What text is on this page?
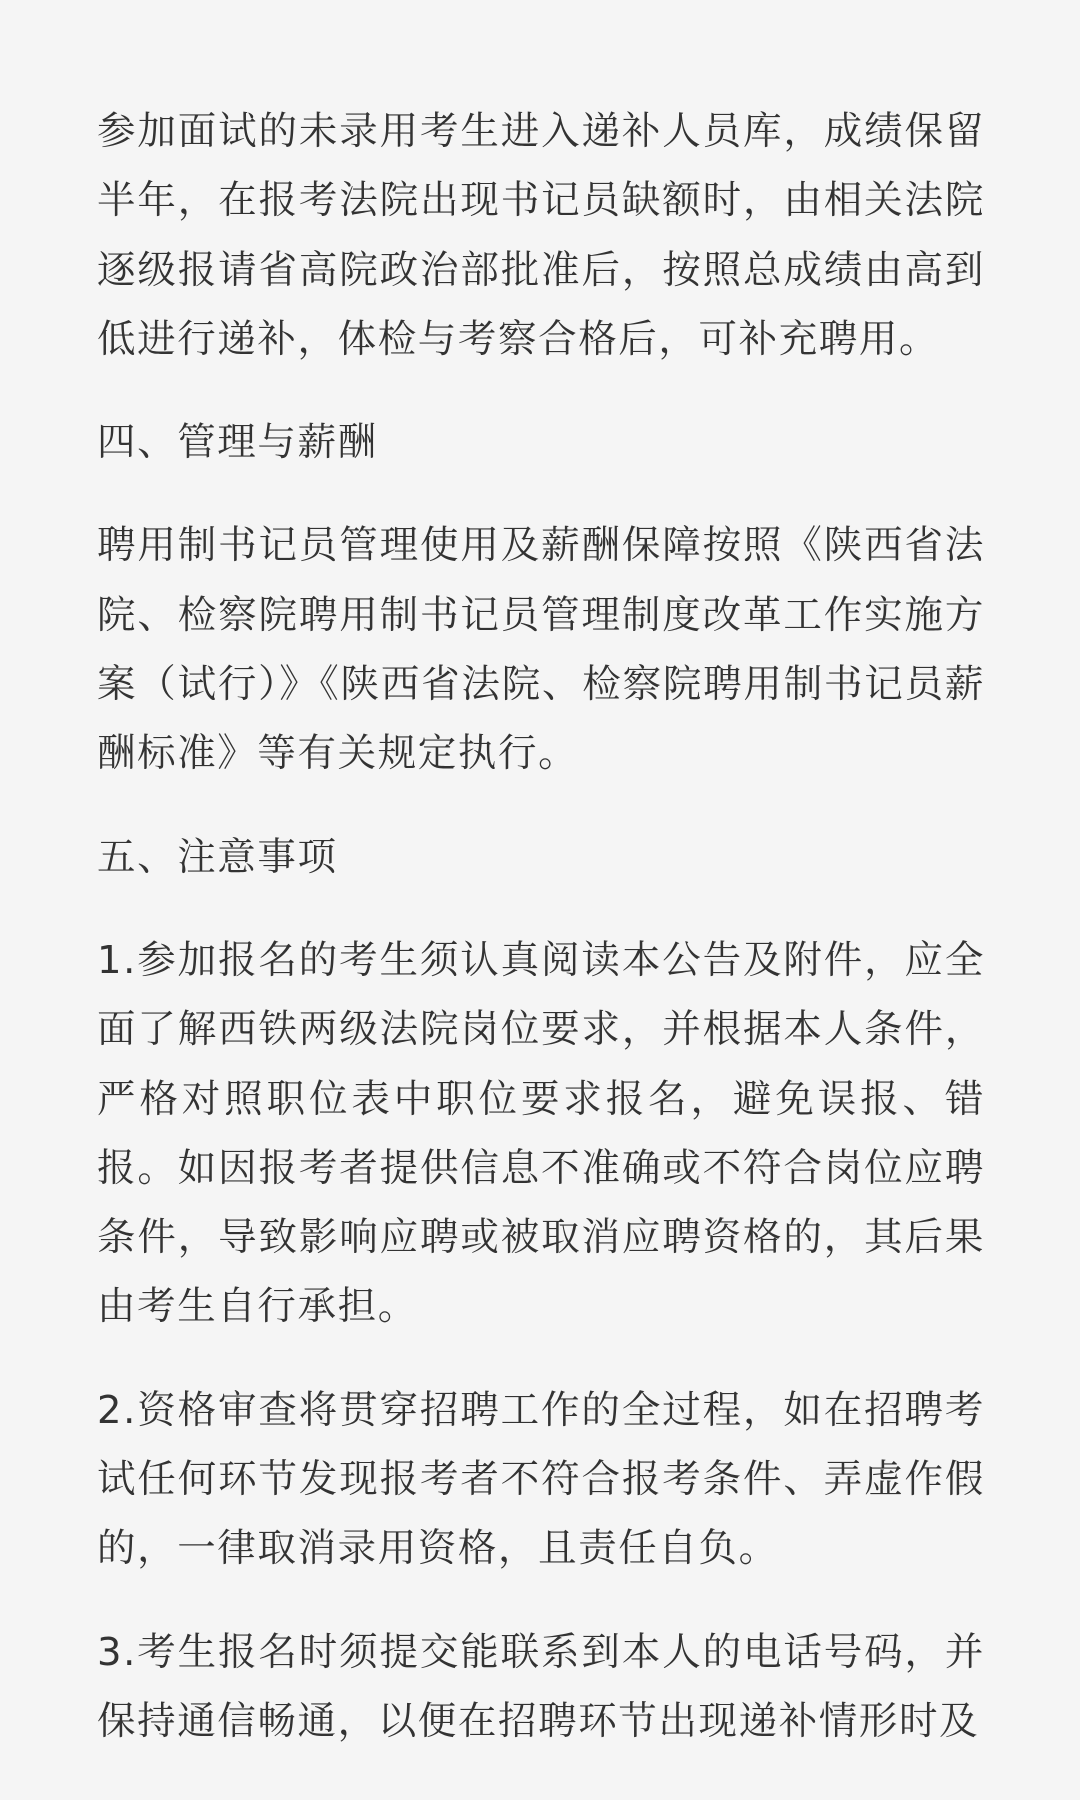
参加面试的未录用考生进入递补人员库，成绩保留半年，在报考法院出现书记员缺额时，由相关法院逐级报请省高院政治部批准后，按照总成绩由高到低进行递补，体检与考察合格后，可补充聘用。

四、管理与薪酬

聘用制书记员管理使用及薪酬保障按照《陕西省法院、检察院聘用制书记员管理制度改革工作实施方案（试行）》《陕西省法院、检察院聘用制书记员薪酬标准》等有关规定执行。

五、注意事项

1.参加报名的考生须认真阅读本公告及附件，应全面了解西铁两级法院岗位要求，并根据本人条件，严格对照职位表中职位要求报名，避免误报、错报。如因报考者提供信息不准确或不符合岗位应聘条件，导致影响应聘或被取消应聘资格的，其后果由考生自行承担。

2.资格审查将贯穿招聘工作的全过程，如在招聘考试任何环节发现报考者不符合报考条件、弄虚作假的，一律取消录用资格，且责任自负。

3.考生报名时须提交能联系到本人的电话号码，并保持通信畅通，以便在招聘环节出现递补情形时及
